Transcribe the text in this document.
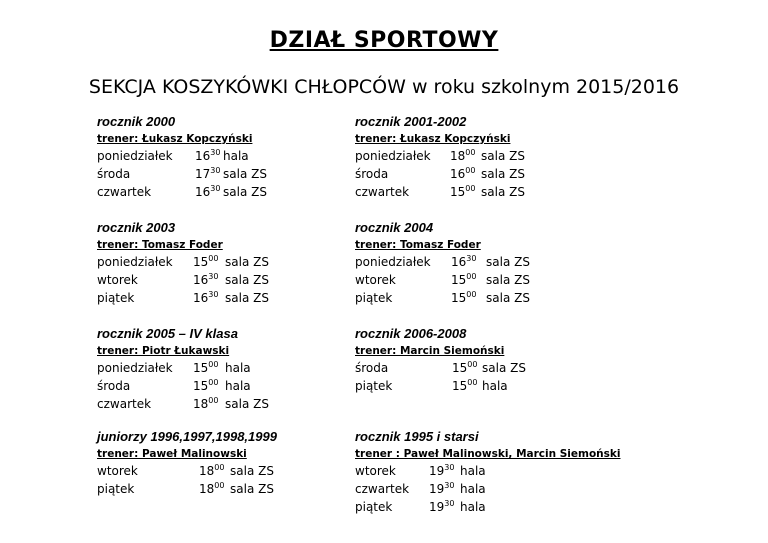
DZIAŁ SPORTOWY
SEKCJA KOSZYKÓWKI CHŁOPCÓW w roku szkolnym 2015/2016
rocznik 2000
trener: Łukasz Kopczyński
poniedziałek $16^{30}$ hala
środa	$17^{30}$ sala ZS
czwartek	$16^{30}$ sala ZS
rocznik 2001-2002
trener: Łukasz Kopczyński
poniedziałek $18^{00}$ sala ZS
środa	$16^{00}$ sala ZS
czwartek	$15^{00}$ sala ZS
rocznik 2003
trener: Tomasz Foder
poniedziałek $15^{00}$ sala ZS
wtorek	$16^{30}$ sala ZS
piątek	$16^{30}$ sala ZS
rocznik 2004
trener: Tomasz Foder
poniedziałek $16^{30}$ sala ZS
wtorek	$15^{00}$ sala ZS
piątek	$15^{00}$ sala ZS
rocznik 2005 – IV klasa
trener: Piotr Łukawski
poniedziałek $15^{00}$ hala
środa	$15^{00}$ hala
czwartek	$18^{00}$ sala ZS
rocznik 2006-2008
trener: Marcin Siemoński
środa	$15^{00}$ sala ZS
piątek	$15^{00}$ hala
juniorzy 1996,1997,1998,1999
trener: Paweł Malinowski
wtorek	$18^{00}$ sala ZS
piątek	$18^{00}$ sala ZS
rocznik 1995 i starsi
trener : Paweł Malinowski, Marcin Siemoński
wtorek	$19^{30}$ hala
czwartek $19^{30}$ hala
piątek	$19^{30}$ hala
